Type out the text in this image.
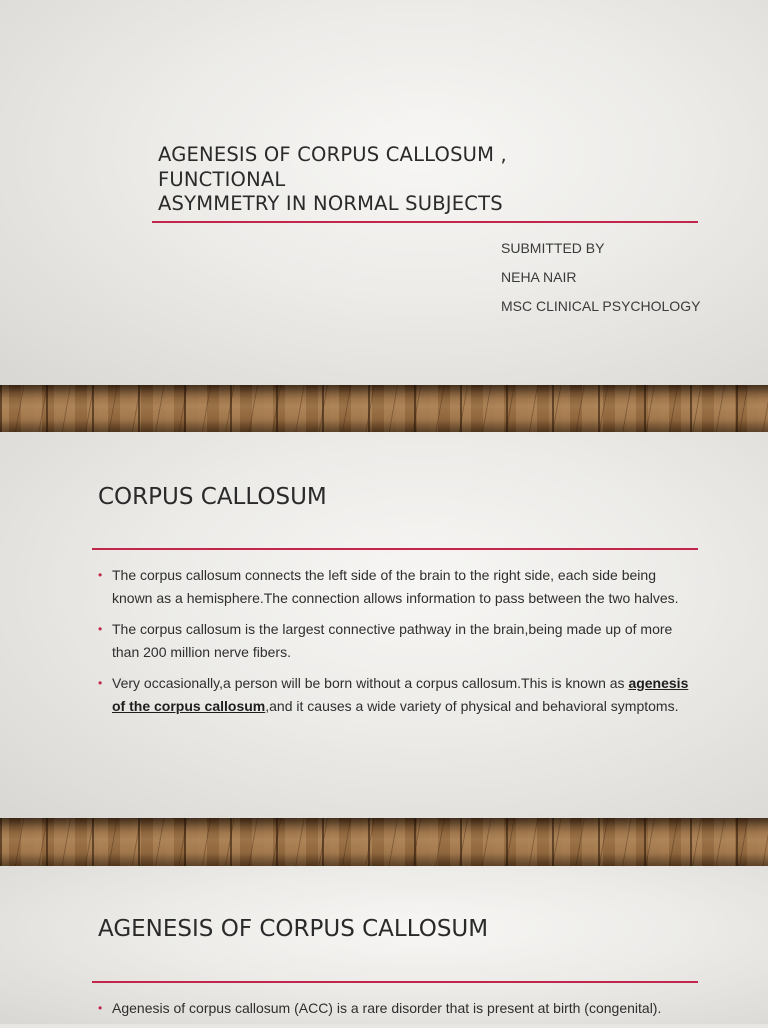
AGENESIS OF CORPUS CALLOSUM ,
FUNCTIONAL
ASYMMETRY IN NORMAL SUBJECTS
SUBMITTED BY
NEHA NAIR
MSC CLINICAL PSYCHOLOGY
CORPUS CALLOSUM
• The corpus callosum connects the left side of the brain to the right side, each side being known as a hemisphere.The connection allows information to pass between the two halves.
• The corpus callosum is the largest connective pathway in the brain,being made up of more than 200 million nerve fibers.
• Very occasionally,a person will be born without a corpus callosum.This is known as agenesis of the corpus callosum,and it causes a wide variety of physical and behavioral symptoms.
AGENESIS OF CORPUS CALLOSUM
• Agenesis of corpus callosum (ACC) is a rare disorder that is present at birth (congenital).
